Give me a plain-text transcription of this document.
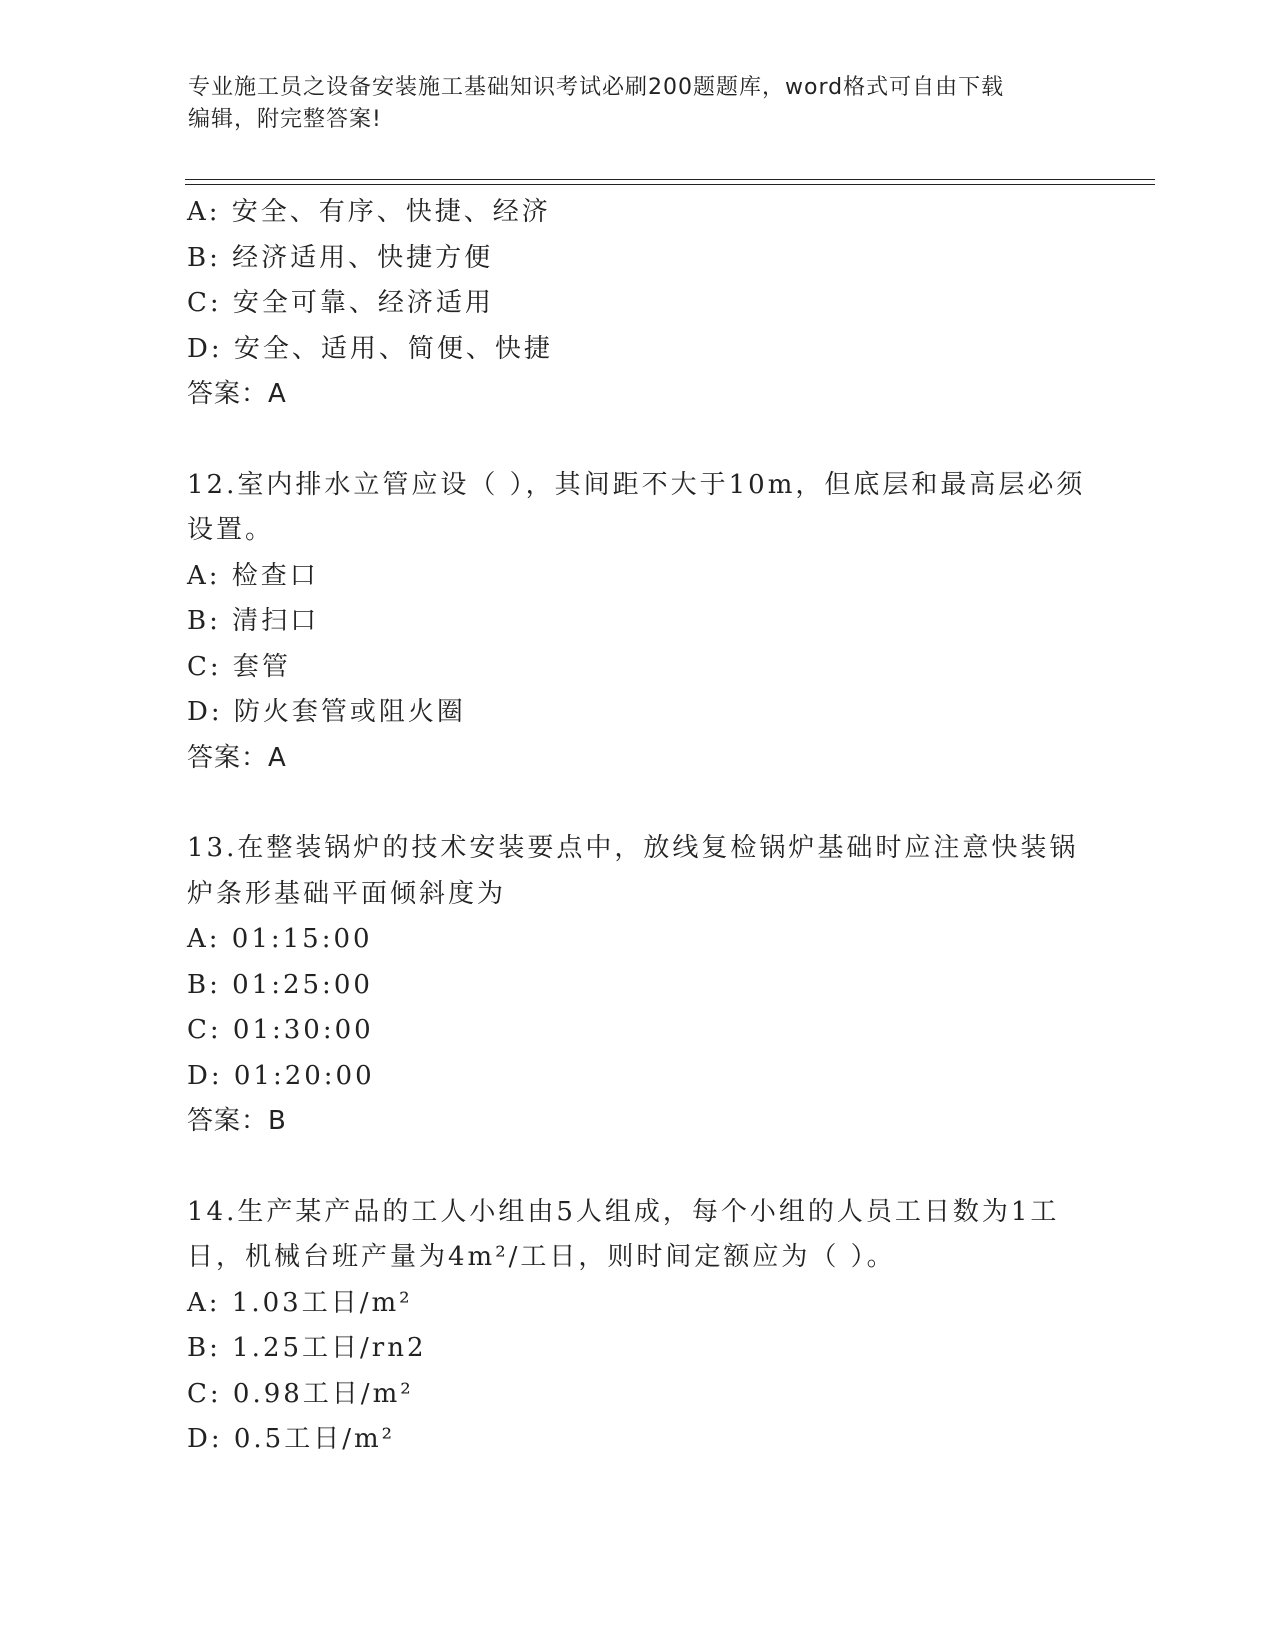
专业施工员之设备安装施工基础知识考试必刷200题题库，word格式可自由下载
编辑，附完整答案!
A: 安全、有序、快捷、经济
B: 经济适用、快捷方便
C: 安全可靠、经济适用
D: 安全、适用、简便、快捷
答案：A
12.室内排水立管应设（ ），其间距不大于10m，但底层和最高层必须
设置。
A: 检查口
B: 清扫口
C: 套管
D: 防火套管或阻火圈
答案：A
13.在整装锅炉的技术安装要点中，放线复检锅炉基础时应注意快装锅
炉条形基础平面倾斜度为
A: 01:15:00
B: 01:25:00
C: 01:30:00
D: 01:20:00
答案：B
14.生产某产品的工人小组由5人组成，每个小组的人员工日数为1工
日，机械台班产量为4m²/工日，则时间定额应为（ ）。
A: 1.03工日/m²
B: 1.25工日/rn2
C: 0.98工日/m²
D: 0.5工日/m²
